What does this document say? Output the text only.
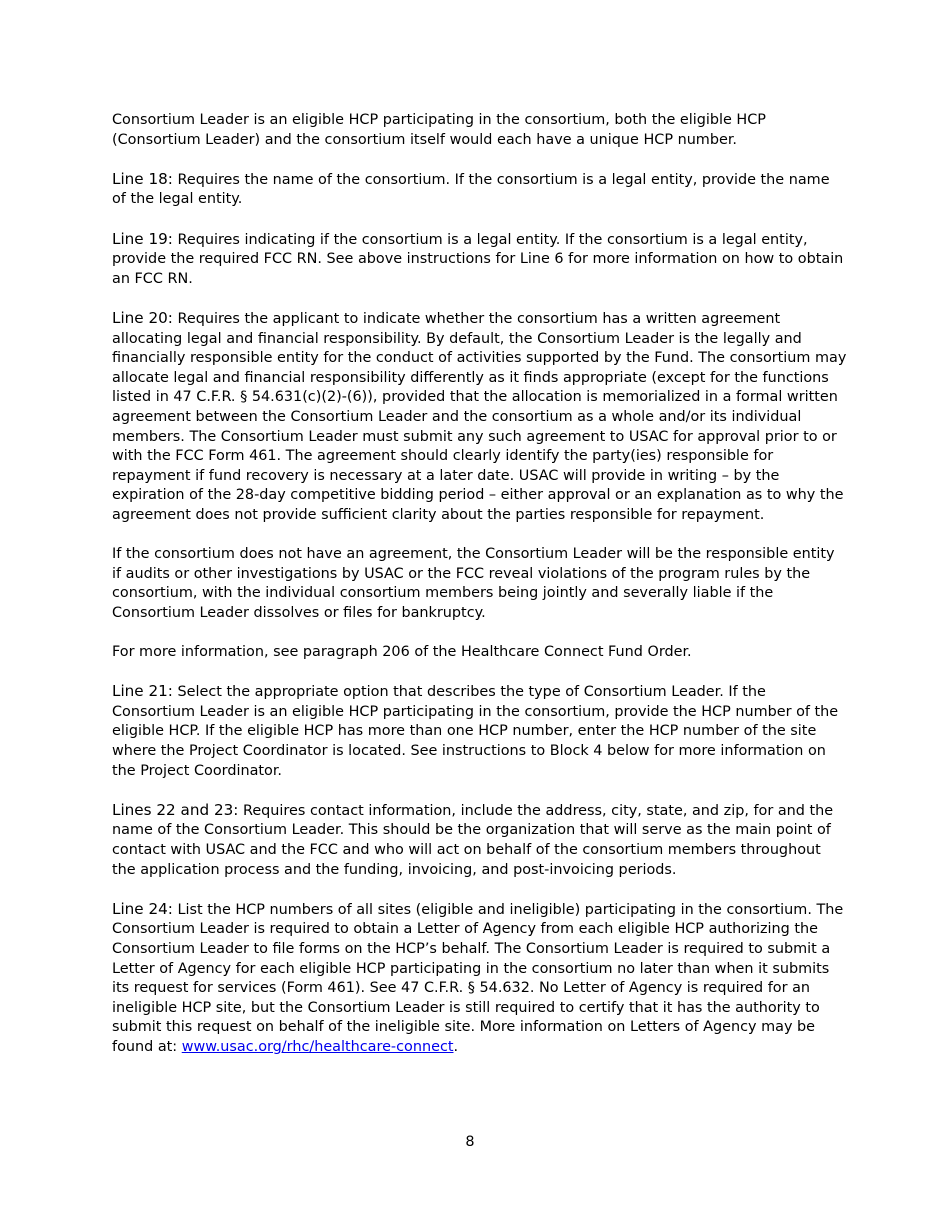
Consortium Leader is an eligible HCP participating in the consortium, both the eligible HCP (Consortium Leader) and the consortium itself would each have a unique HCP number.

Line 18: Requires the name of the consortium. If the consortium is a legal entity, provide the name of the legal entity.

Line 19: Requires indicating if the consortium is a legal entity. If the consortium is a legal entity, provide the required FCC RN. See above instructions for Line 6 for more information on how to obtain an FCC RN.

Line 20: Requires the applicant to indicate whether the consortium has a written agreement allocating legal and financial responsibility. By default, the Consortium Leader is the legally and financially responsible entity for the conduct of activities supported by the Fund. The consortium may allocate legal and financial responsibility differently as it finds appropriate (except for the functions listed in 47 C.F.R. § 54.631(c)(2)-(6)), provided that the allocation is memorialized in a formal written agreement between the Consortium Leader and the consortium as a whole and/or its individual members. The Consortium Leader must submit any such agreement to USAC for approval prior to or with the FCC Form 461. The agreement should clearly identify the party(ies) responsible for repayment if fund recovery is necessary at a later date. USAC will provide in writing – by the expiration of the 28-day competitive bidding period – either approval or an explanation as to why the agreement does not provide sufficient clarity about the parties responsible for repayment.

If the consortium does not have an agreement, the Consortium Leader will be the responsible entity if audits or other investigations by USAC or the FCC reveal violations of the program rules by the consortium, with the individual consortium members being jointly and severally liable if the Consortium Leader dissolves or files for bankruptcy.

For more information, see paragraph 206 of the Healthcare Connect Fund Order.

Line 21: Select the appropriate option that describes the type of Consortium Leader. If the Consortium Leader is an eligible HCP participating in the consortium, provide the HCP number of the eligible HCP. If the eligible HCP has more than one HCP number, enter the HCP number of the site where the Project Coordinator is located. See instructions to Block 4 below for more information on the Project Coordinator.

Lines 22 and 23: Requires contact information, include the address, city, state, and zip, for and the name of the Consortium Leader. This should be the organization that will serve as the main point of contact with USAC and the FCC and who will act on behalf of the consortium members throughout the application process and the funding, invoicing, and post-invoicing periods.

Line 24: List the HCP numbers of all sites (eligible and ineligible) participating in the consortium. The Consortium Leader is required to obtain a Letter of Agency from each eligible HCP authorizing the Consortium Leader to file forms on the HCP’s behalf. The Consortium Leader is required to submit a Letter of Agency for each eligible HCP participating in the consortium no later than when it submits its request for services (Form 461). See 47 C.F.R. § 54.632. No Letter of Agency is required for an ineligible HCP site, but the Consortium Leader is still required to certify that it has the authority to submit this request on behalf of the ineligible site. More information on Letters of Agency may be found at: www.usac.org/rhc/healthcare-connect.

8
